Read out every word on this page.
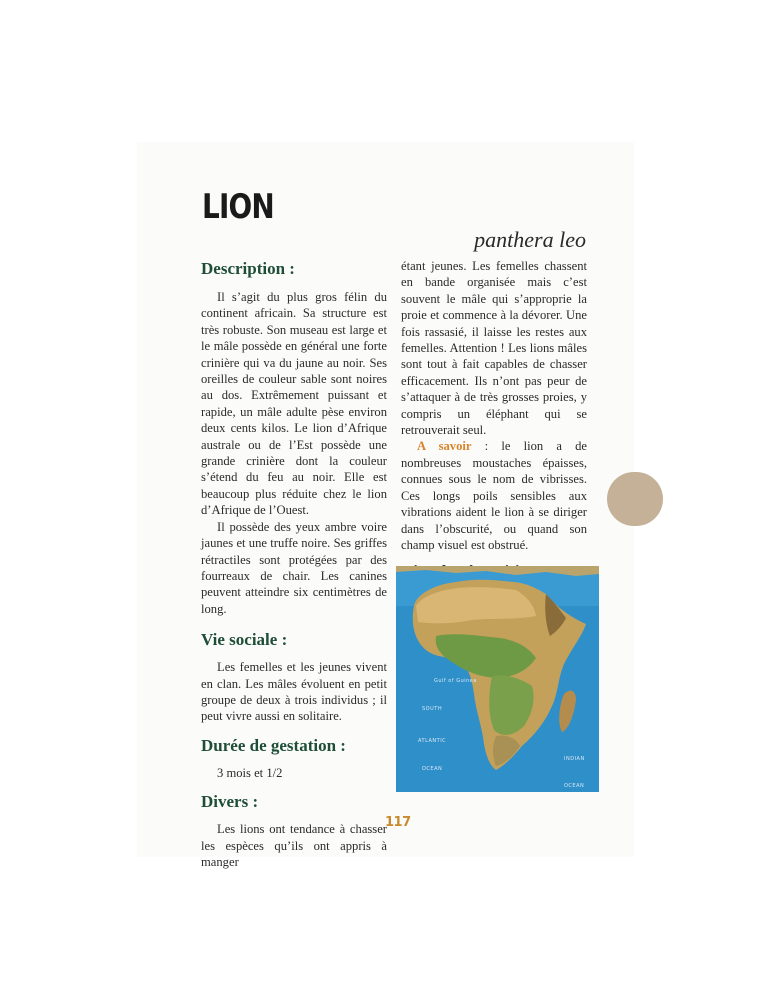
LION
panthera leo
Description :

Il s’agit du plus gros félin du continent africain. Sa structure est très robuste. Son museau est large et le mâle possède en général une forte crinière qui va du jaune au noir. Ses oreilles de couleur sable sont noires au dos. Extrêmement puissant et rapide, un mâle adulte pèse environ deux cents kilos. Le lion d’Afrique australe ou de l’Est possède une grande crinière dont la couleur s’étend du feu au noir. Elle est beaucoup plus réduite chez le lion d’Afrique de l’Ouest.

Il possède des yeux ambre voire jaunes et une truffe noire. Ses griffes rétractiles sont protégées par des fourreaux de chair. Les canines peuvent atteindre six centimètres de long.

Vie sociale :

Les femelles et les jeunes vivent en clan. Les mâles évoluent en petit groupe de deux à trois individus ; il peut vivre aussi en solitaire.

Durée de gestation :

3 mois et 1/2

Divers :

Les lions ont tendance à chasser les espèces qu’ils ont appris à manger

étant jeunes. Les femelles chassent en bande organisée mais c’est souvent le mâle qui s’approprie la proie et commence à la dévorer. Une fois rassasié, il laisse les restes aux femelles. Attention ! Les lions mâles sont tout à fait capables de chasser efficacement. Ils n’ont pas peur de s’attaquer à de très grosses proies, y compris un éléphant qui se retrouverait seul.

A savoir : le lion a de nombreuses moustaches épaisses, connues sous le nom de vibrisses. Ces longs poils sensibles aux vibrations aident le lion à se diriger dans l’obscurité, ou quand son champ visuel est obstrué.

Gulf of Guinea
SOUTH
ATLANTIC
OCEAN
INDIAN
OCEAN
117
